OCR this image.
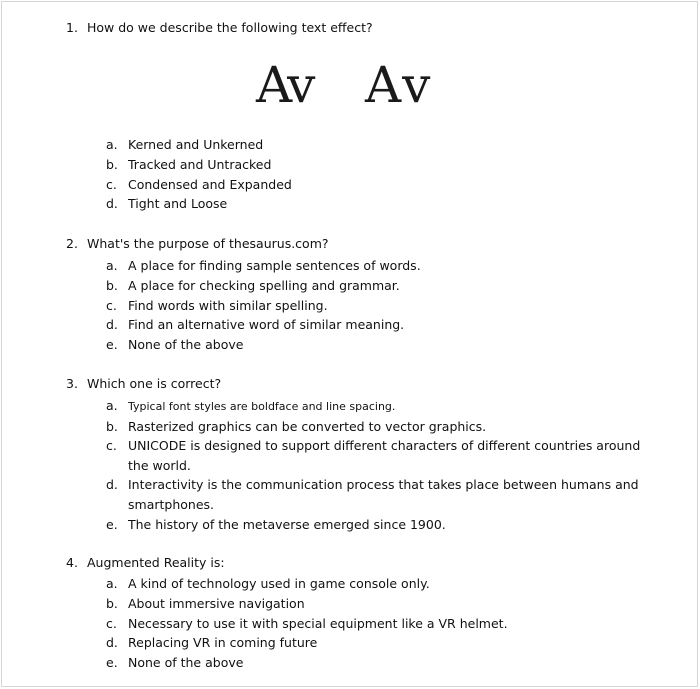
1. How do we describe the following text effect?
Av Av
a. Kerned and Unkerned
b. Tracked and Untracked
c. Condensed and Expanded
d. Tight and Loose
2. What's the purpose of thesaurus.com?
a. A place for finding sample sentences of words.
b. A place for checking spelling and grammar.
c. Find words with similar spelling.
d. Find an alternative word of similar meaning.
e. None of the above
3. Which one is correct?
a. Typical font styles are boldface and line spacing.
b. Rasterized graphics can be converted to vector graphics.
c. UNICODE is designed to support different characters of different countries around the world.
d. Interactivity is the communication process that takes place between humans and smartphones.
e. The history of the metaverse emerged since 1900.
4. Augmented Reality is:
a. A kind of technology used in game console only.
b. About immersive navigation
c. Necessary to use it with special equipment like a VR helmet.
d. Replacing VR in coming future
e. None of the above
